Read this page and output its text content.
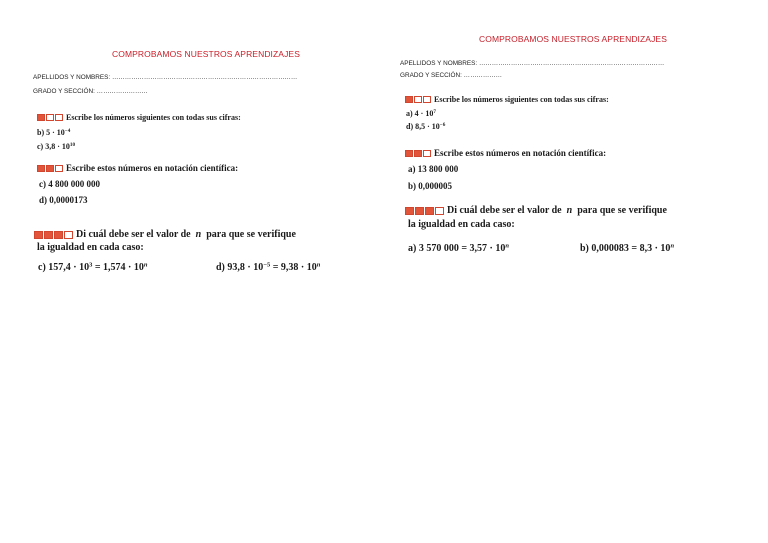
COMPROBAMOS NUESTROS APRENDIZAJES
APELLIDOS Y NOMBRES: ……………………………………………………………………………
GRADO Y SECCIÓN: ……………………
Escribe los números siguientes con todas sus cifras:
b) $5 \cdot 10^{-4}$
c) $3,8 \cdot 10^{10}$
Escribe estos números en notación científica:
c) 4 800 000 000
d) 0,0000173
Di cuál debe ser el valor de
n
para que se verifique
la igualdad en cada caso:
c) $157,4 \cdot 10^3 = 1,574 \cdot 10^n$	d) $93,8 \cdot 10^{-5} = 9,38 \cdot 10^n$
COMPROBAMOS NUESTROS APRENDIZAJES
APELLIDOS Y NOMBRES: ……………………………………………………………………………
GRADO Y SECCIÓN: ………………
Escribe los números siguientes con todas sus cifras:
a) $4 \cdot 10^7$
d) $8,5 \cdot 10^{-6}$
Escribe estos números en notación científica:
a) 13 800 000
b) 0,000005
Di cuál debe ser el valor de
n
para que se verifique
la igualdad en cada caso:
a) 3 570 $000 = 3,57 \cdot 10^n$	b) $0,000083 = 8,3 \cdot 10^n$
